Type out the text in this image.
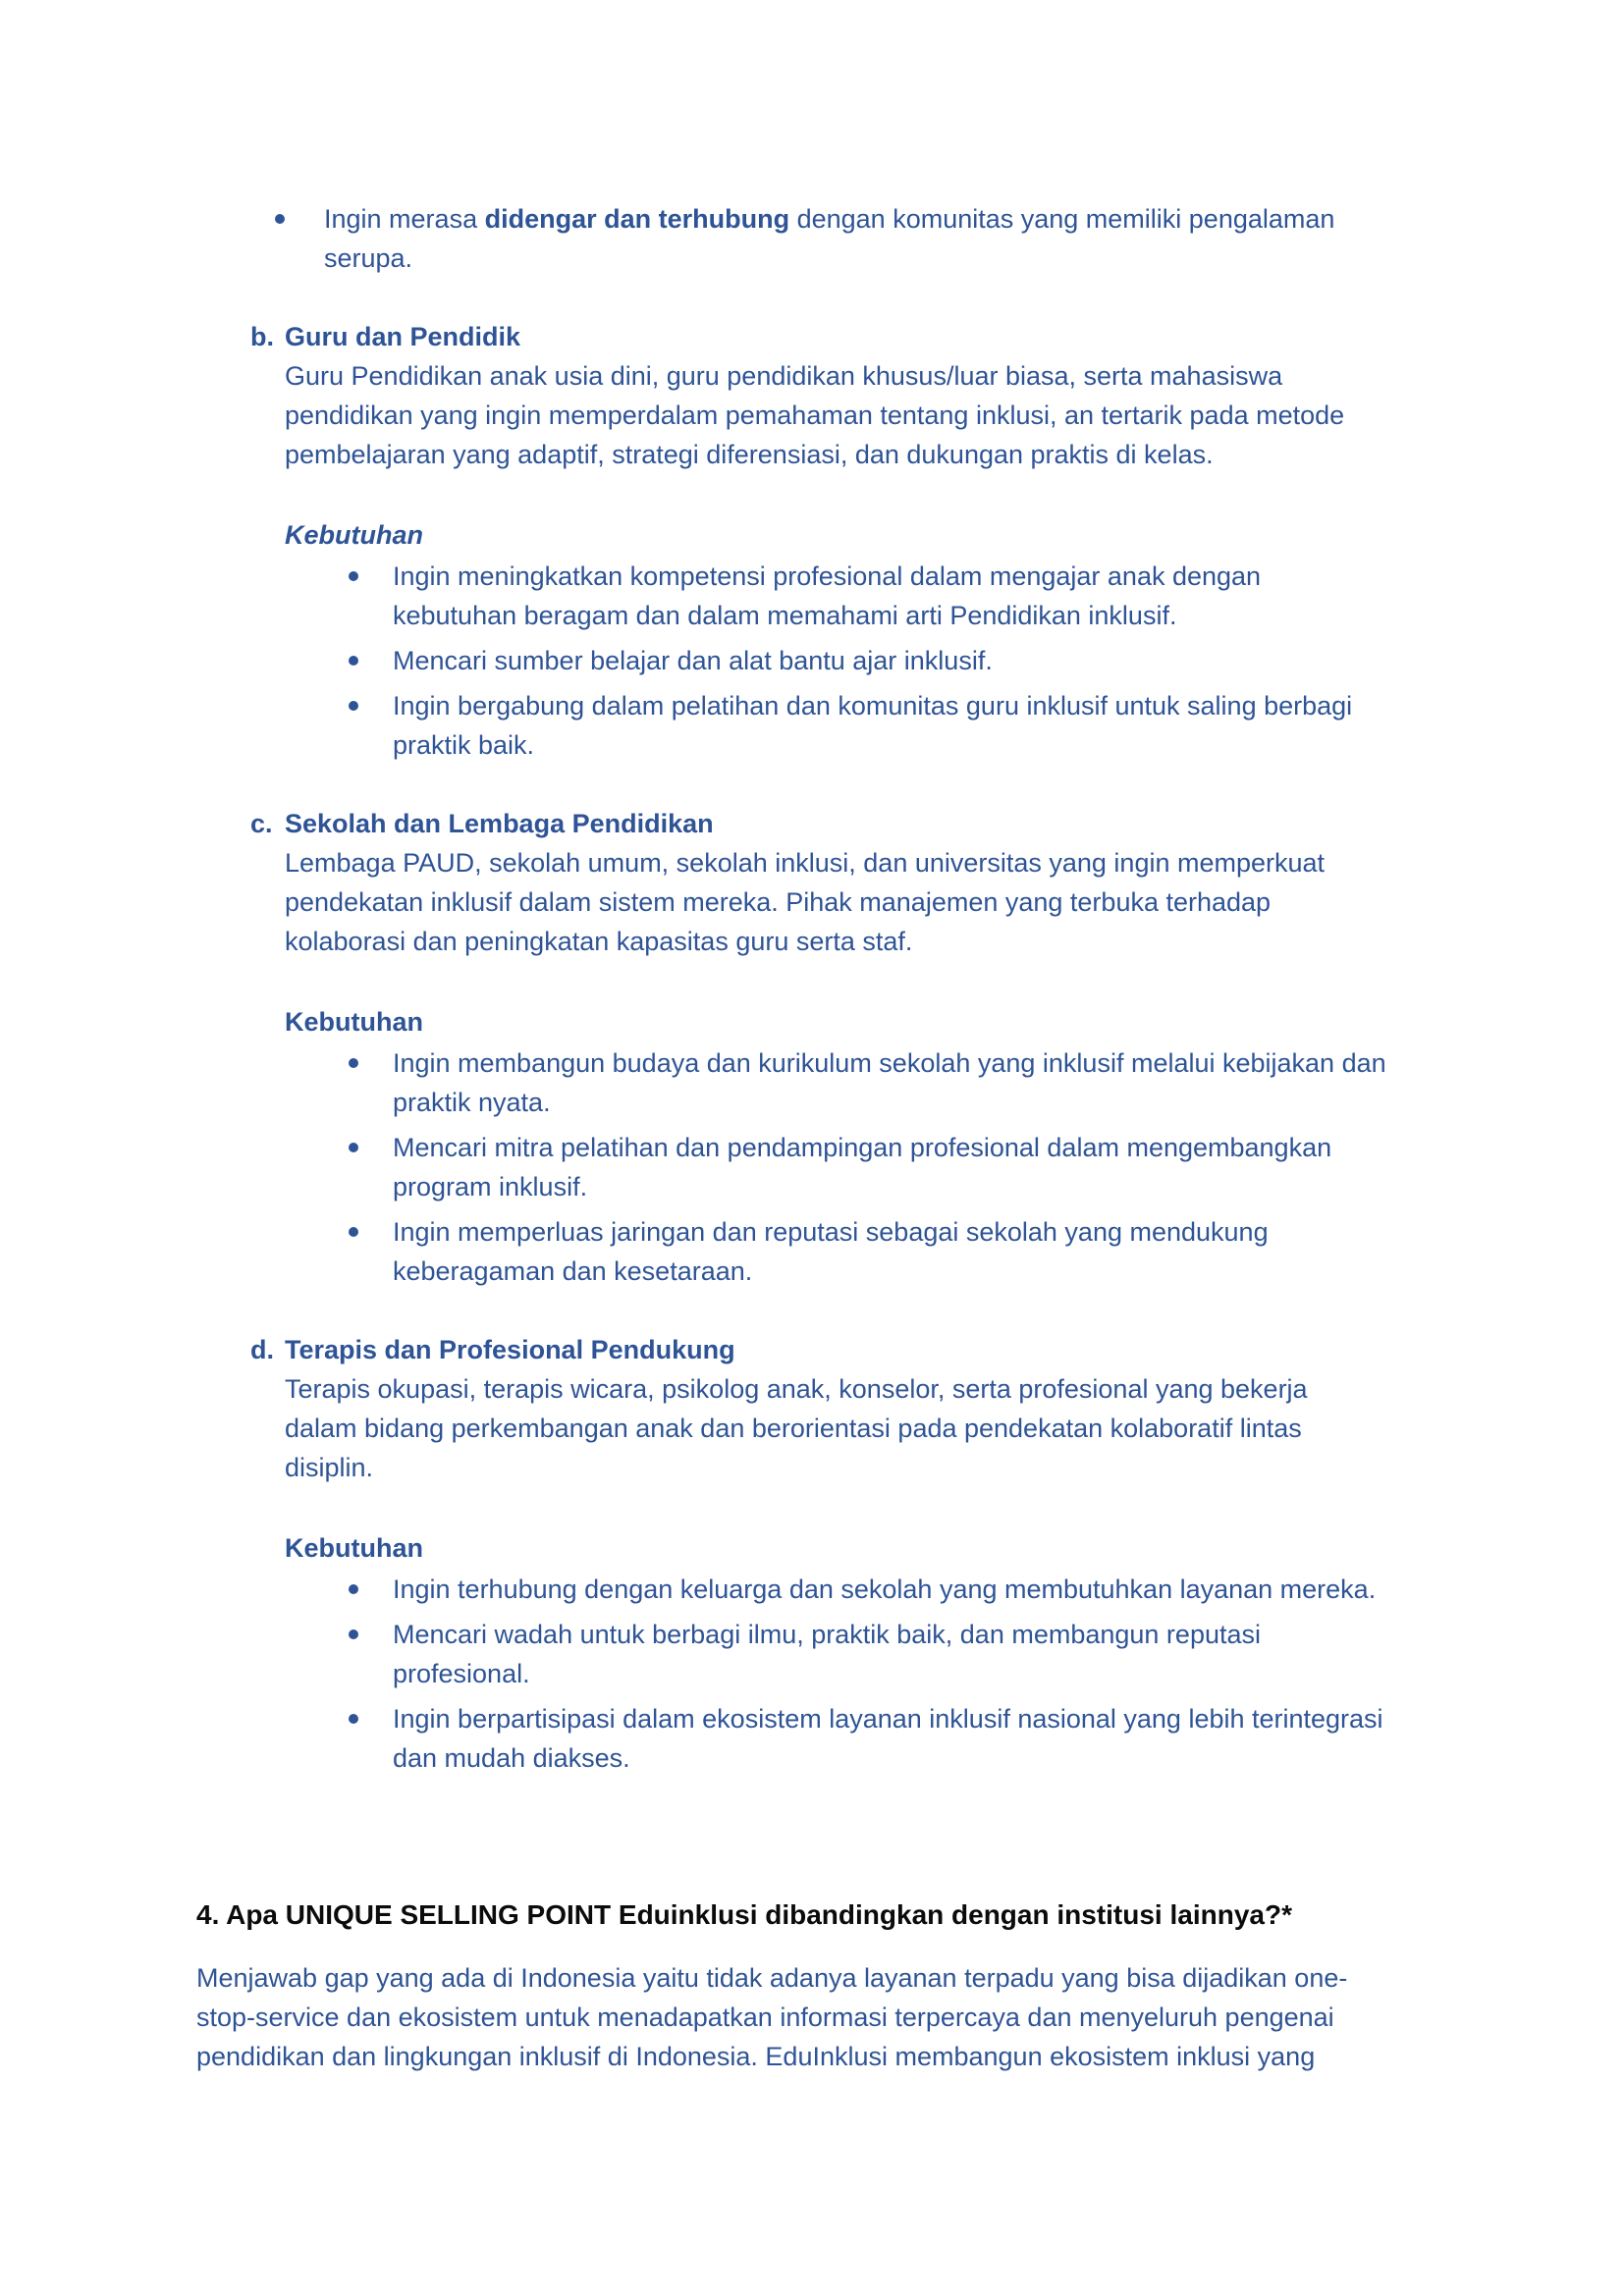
Ingin merasa didengar dan terhubung dengan komunitas yang memiliki pengalaman
serupa.
b. Guru dan Pendidik
Guru Pendidikan anak usia dini, guru pendidikan khusus/luar biasa, serta mahasiswa
pendidikan yang ingin memperdalam pemahaman tentang inklusi, an tertarik pada metode
pembelajaran yang adaptif, strategi diferensiasi, dan dukungan praktis di kelas.
Kebutuhan
Ingin meningkatkan kompetensi profesional dalam mengajar anak dengan
kebutuhan beragam dan dalam memahami arti Pendidikan inklusif.
Mencari sumber belajar dan alat bantu ajar inklusif.
Ingin bergabung dalam pelatihan dan komunitas guru inklusif untuk saling berbagi
praktik baik.
c. Sekolah dan Lembaga Pendidikan
Lembaga PAUD, sekolah umum, sekolah inklusi, dan universitas yang ingin memperkuat
pendekatan inklusif dalam sistem mereka. Pihak manajemen yang terbuka terhadap
kolaborasi dan peningkatan kapasitas guru serta staf.
Kebutuhan
Ingin membangun budaya dan kurikulum sekolah yang inklusif melalui kebijakan dan
praktik nyata.
Mencari mitra pelatihan dan pendampingan profesional dalam mengembangkan
program inklusif.
Ingin memperluas jaringan dan reputasi sebagai sekolah yang mendukung
keberagaman dan kesetaraan.
d. Terapis dan Profesional Pendukung
Terapis okupasi, terapis wicara, psikolog anak, konselor, serta profesional yang bekerja
dalam bidang perkembangan anak dan berorientasi pada pendekatan kolaboratif lintas
disiplin.
Kebutuhan
Ingin terhubung dengan keluarga dan sekolah yang membutuhkan layanan mereka.
Mencari wadah untuk berbagi ilmu, praktik baik, dan membangun reputasi
profesional.
Ingin berpartisipasi dalam ekosistem layanan inklusif nasional yang lebih terintegrasi
dan mudah diakses.
4. Apa UNIQUE SELLING POINT Eduinklusi dibandingkan dengan institusi lainnya?*
Menjawab gap yang ada di Indonesia yaitu tidak adanya layanan terpadu yang bisa dijadikan one-
stop-service dan ekosistem untuk menadapatkan informasi terpercaya dan menyeluruh pengenai
pendidikan dan lingkungan inklusif di Indonesia. EduInklusi membangun ekosistem inklusi yang
